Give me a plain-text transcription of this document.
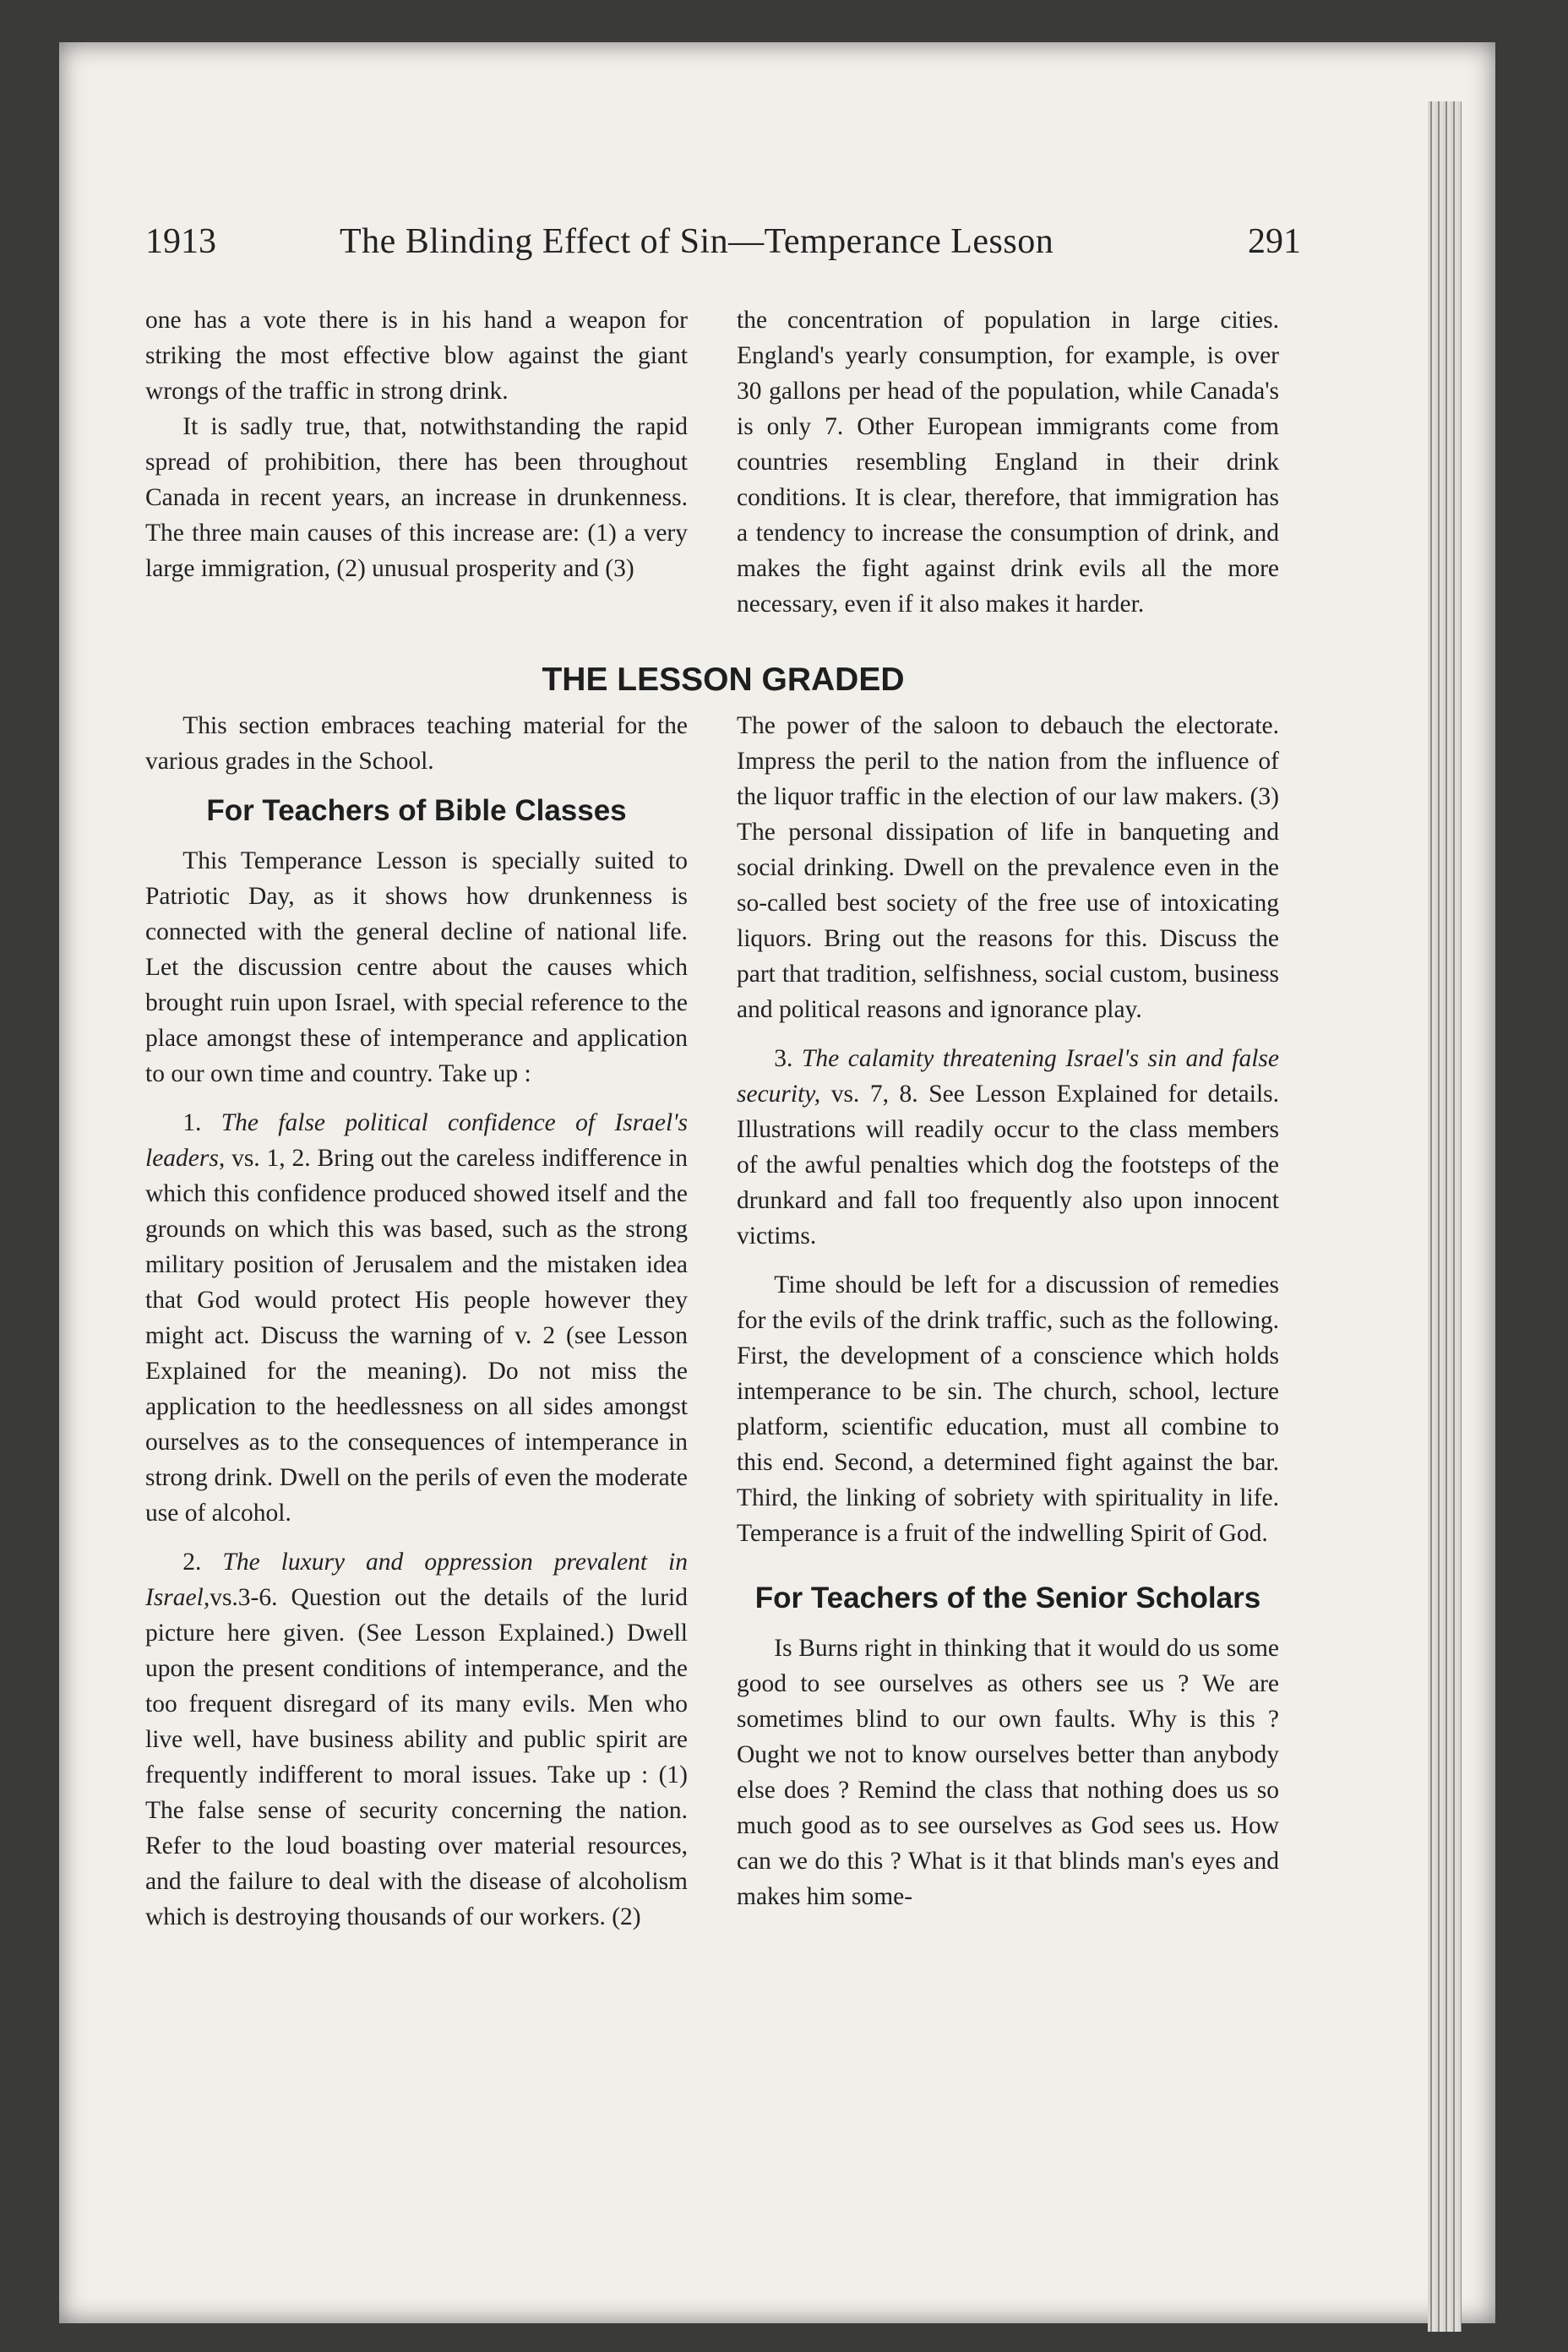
1913	The Blinding Effect of Sin—Temperance Lesson	291

one has a vote there is in his hand a weapon for striking the most effective blow against the giant wrongs of the traffic in strong drink.

It is sadly true, that, notwithstanding the rapid spread of prohibition, there has been throughout Canada in recent years, an increase in drunkenness. The three main causes of this increase are: (1) a very large immigration, (2) unusual prosperity and (3)

the concentration of population in large cities. England's yearly consumption, for example, is over 30 gallons per head of the population, while Canada's is only 7. Other European immigrants come from countries resembling England in their drink conditions. It is clear, therefore, that immigration has a tendency to increase the consumption of drink, and makes the fight against drink evils all the more necessary, even if it also makes it harder.

THE LESSON GRADED

This section embraces teaching material for the various grades in the School.

For Teachers of Bible Classes

This Temperance Lesson is specially suited to Patriotic Day, as it shows how drunkenness is connected with the general decline of national life. Let the discussion centre about the causes which brought ruin upon Israel, with special reference to the place amongst these of intemperance and application to our own time and country. Take up :

1. The false political confidence of Israel's leaders, vs. 1, 2. Bring out the careless indifference in which this confidence produced showed itself and the grounds on which this was based, such as the strong military position of Jerusalem and the mistaken idea that God would protect His people however they might act. Discuss the warning of v. 2 (see Lesson Explained for the meaning). Do not miss the application to the heedlessness on all sides amongst ourselves as to the consequences of intemperance in strong drink. Dwell on the perils of even the moderate use of alcohol.

2. The luxury and oppression prevalent in Israel,vs.3-6. Question out the details of the lurid picture here given. (See Lesson Explained.) Dwell upon the present conditions of intemperance, and the too frequent disregard of its many evils. Men who live well, have business ability and public spirit are frequently indifferent to moral issues. Take up : (1) The false sense of security concerning the nation. Refer to the loud boasting over material resources, and the failure to deal with the disease of alcoholism which is destroying thousands of our workers. (2)

The power of the saloon to debauch the electorate. Impress the peril to the nation from the influence of the liquor traffic in the election of our law makers. (3) The personal dissipation of life in banqueting and social drinking. Dwell on the prevalence even in the so-called best society of the free use of intoxicating liquors. Bring out the reasons for this. Discuss the part that tradition, selfishness, social custom, business and political reasons and ignorance play.

3. The calamity threatening Israel's sin and false security, vs. 7, 8. See Lesson Explained for details. Illustrations will readily occur to the class members of the awful penalties which dog the footsteps of the drunkard and fall too frequently also upon innocent victims.

Time should be left for a discussion of remedies for the evils of the drink traffic, such as the following. First, the development of a conscience which holds intemperance to be sin. The church, school, lecture platform, scientific education, must all combine to this end. Second, a determined fight against the bar. Third, the linking of sobriety with spirituality in life. Temperance is a fruit of the indwelling Spirit of God.

For Teachers of the Senior Scholars

Is Burns right in thinking that it would do us some good to see ourselves as others see us ? We are sometimes blind to our own faults. Why is this ? Ought we not to know ourselves better than anybody else does ? Remind the class that nothing does us so much good as to see ourselves as God sees us. How can we do this ? What is it that blinds man's eyes and makes him some-
